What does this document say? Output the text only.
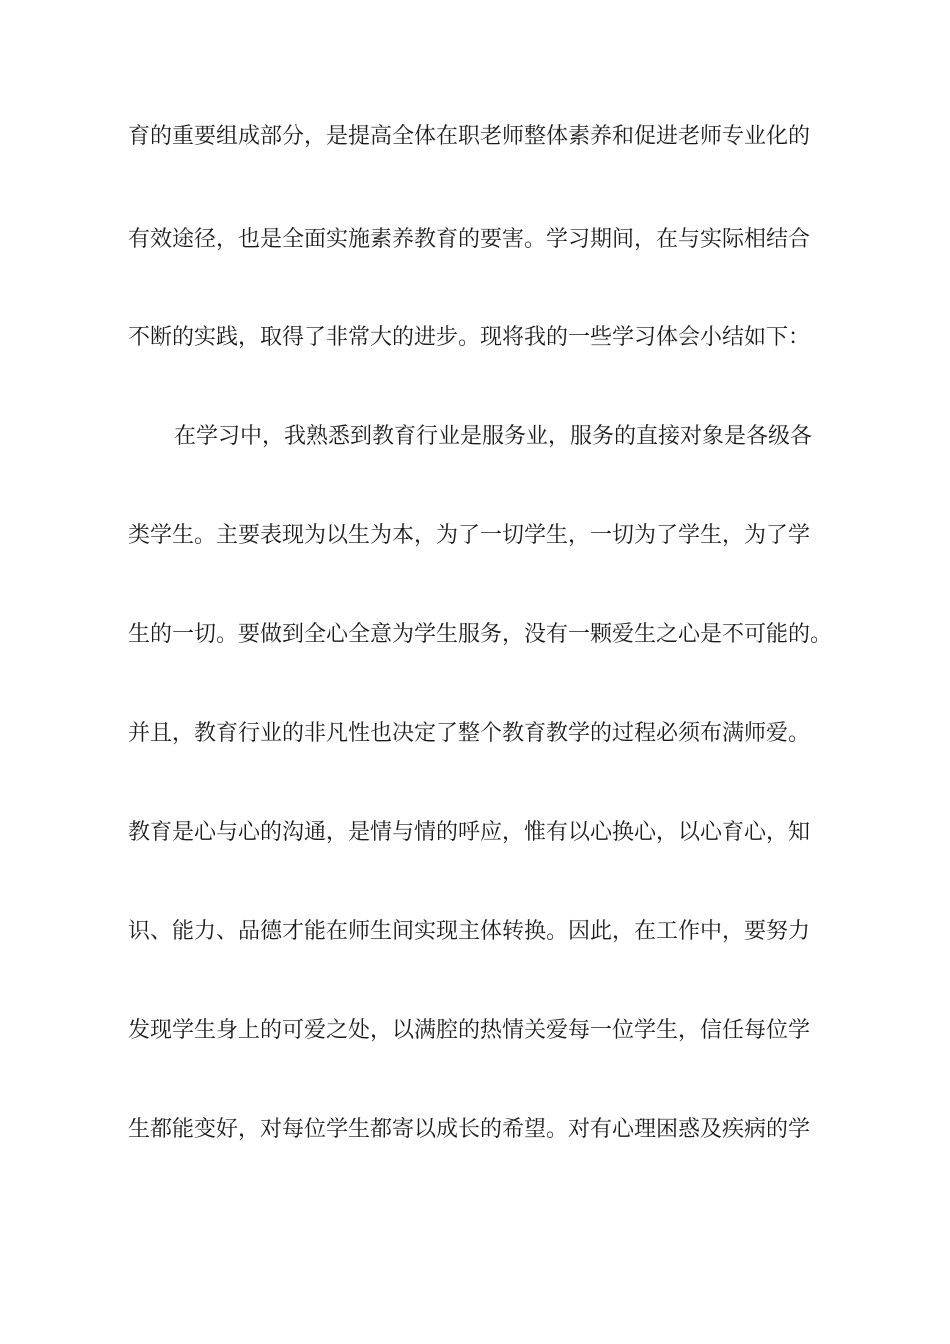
育的重要组成部分，是提高全体在职老师整体素养和促进老师专业化的
有效途径，也是全面实施素养教育的要害。学习期间，在与实际相结合
不断的实践，取得了非常大的进步。现将我的一些学习体会小结如下：
在学习中，我熟悉到教育行业是服务业，服务的直接对象是各级各
类学生。主要表现为以生为本，为了一切学生，一切为了学生，为了学
生的一切。要做到全心全意为学生服务，没有一颗爱生之心是不可能的。
并且，教育行业的非凡性也决定了整个教育教学的过程必须布满师爱。
教育是心与心的沟通，是情与情的呼应，惟有以心换心，以心育心，知
识、能力、品德才能在师生间实现主体转换。因此，在工作中，要努力
发现学生身上的可爱之处，以满腔的热情关爱每一位学生，信任每位学
生都能变好，对每位学生都寄以成长的希望。对有心理困惑及疾病的学
